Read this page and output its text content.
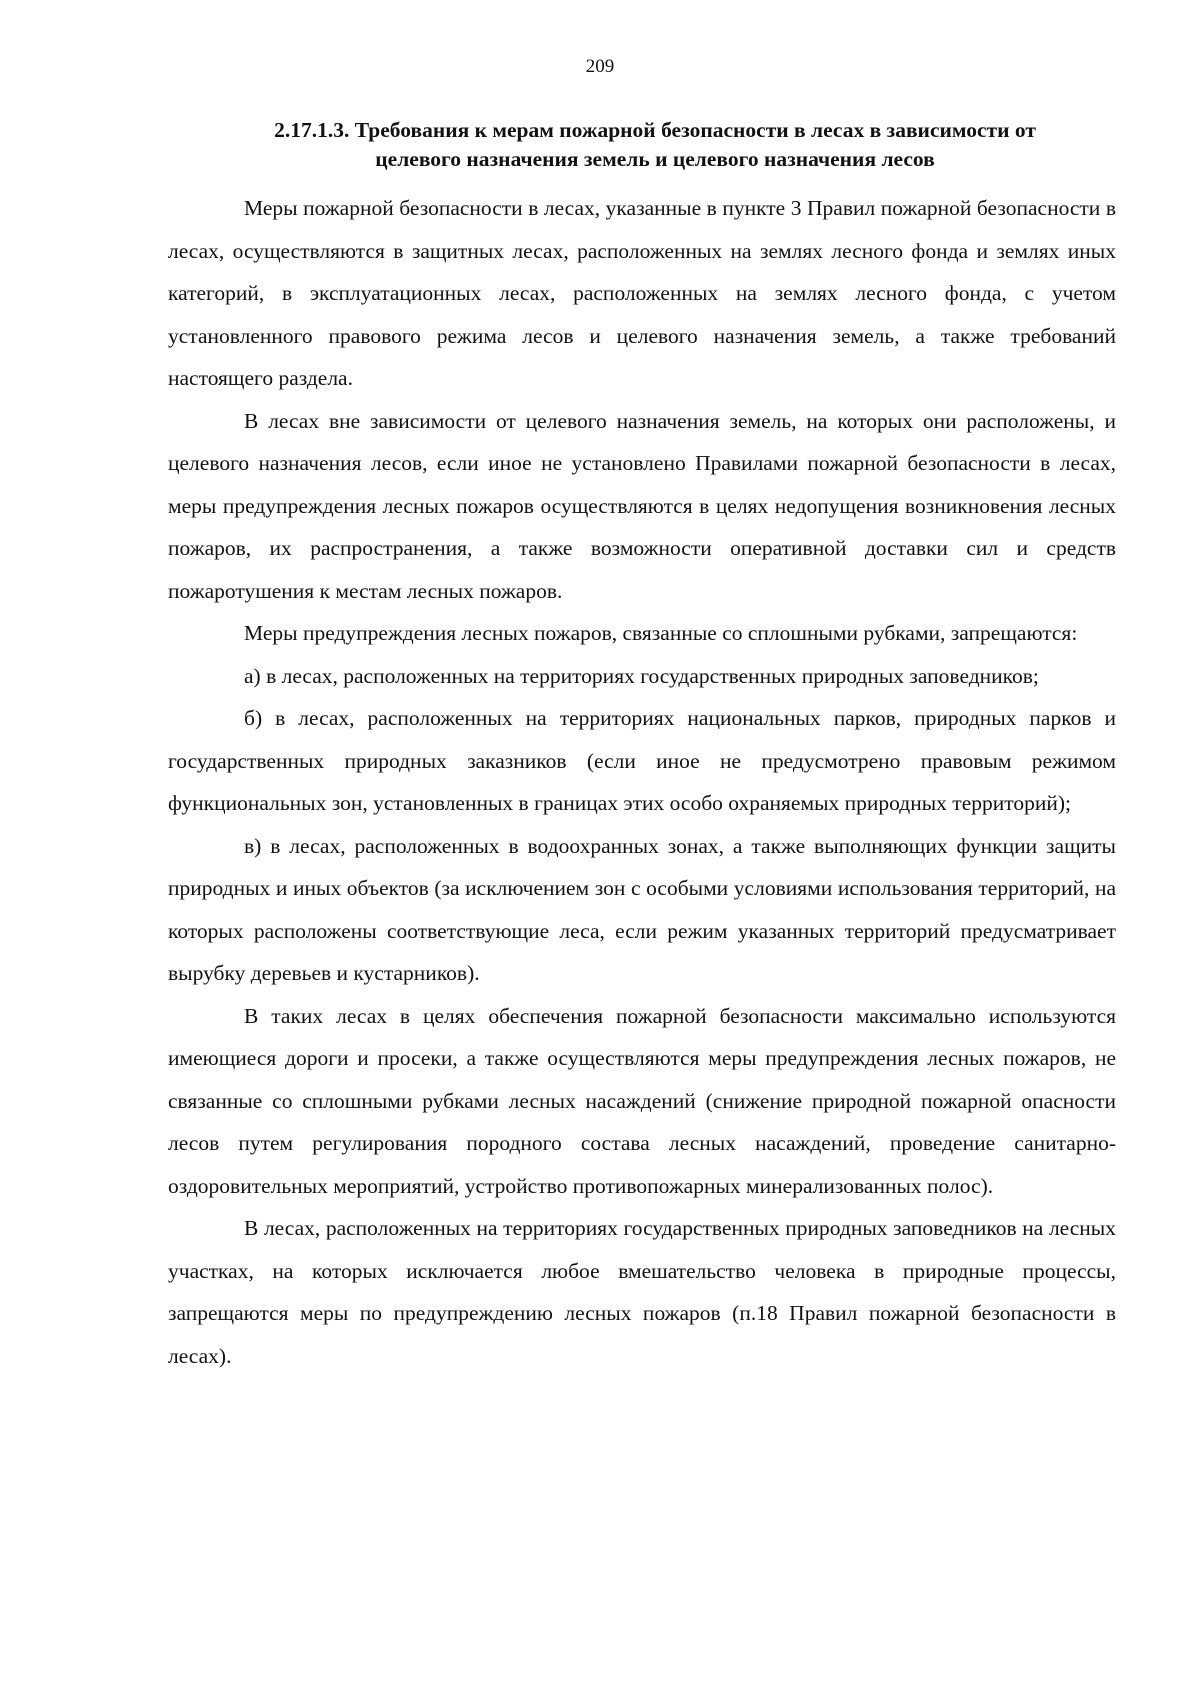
209
2.17.1.3. Требования к мерам пожарной безопасности в лесах в зависимости от
целевого назначения земель и целевого назначения лесов

Меры пожарной безопасности в лесах, указанные в пункте 3 Правил пожарной безопасности в лесах, осуществляются в защитных лесах, расположенных на землях лесного фонда и землях иных категорий, в эксплуатационных лесах, расположенных на землях лесного фонда, с учетом установленного правового режима лесов и целевого назначения земель, а также требований настоящего раздела.

В лесах вне зависимости от целевого назначения земель, на которых они расположены, и целевого назначения лесов, если иное не установлено Правилами пожарной безопасности в лесах, меры предупреждения лесных пожаров осуществляются в целях недопущения возникновения лесных пожаров, их распространения, а также возможности оперативной доставки сил и средств пожаротушения к местам лесных пожаров.

Меры предупреждения лесных пожаров, связанные со сплошными рубками, запрещаются:

а) в лесах, расположенных на территориях государственных природных заповедников;

б) в лесах, расположенных на территориях национальных парков, природных парков и государственных природных заказников (если иное не предусмотрено правовым режимом функциональных зон, установленных в границах этих особо охраняемых природных территорий);

в) в лесах, расположенных в водоохранных зонах, а также выполняющих функции защиты природных и иных объектов (за исключением зон с особыми условиями использования территорий, на которых расположены соответствующие леса, если режим указанных территорий предусматривает вырубку деревьев и кустарников).

В таких лесах в целях обеспечения пожарной безопасности максимально используются имеющиеся дороги и просеки, а также осуществляются меры предупреждения лесных пожаров, не связанные со сплошными рубками лесных насаждений (снижение природной пожарной опасности лесов путем регулирования породного состава лесных насаждений, проведение санитарно-оздоровительных мероприятий, устройство противопожарных минерализованных полос).

В лесах, расположенных на территориях государственных природных заповедников на лесных участках, на которых исключается любое вмешательство человека в природные процессы, запрещаются меры по предупреждению лесных пожаров (п.18 Правил пожарной безопасности в лесах).
